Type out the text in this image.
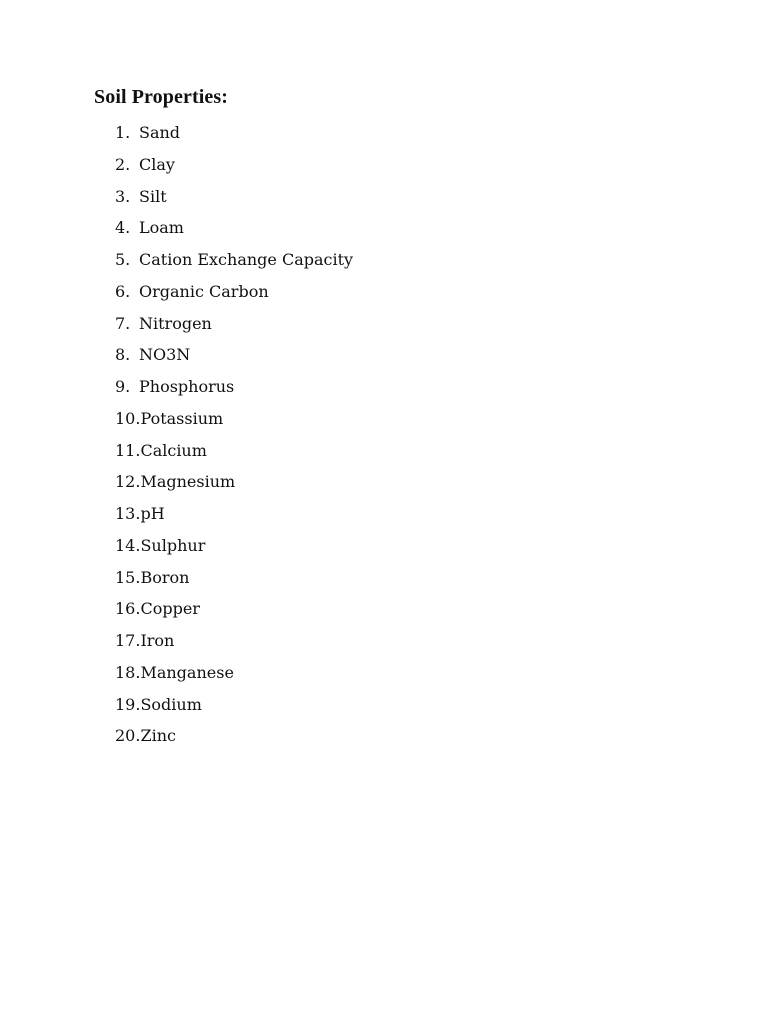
Soil Properties:
1. Sand
2. Clay
3. Silt
4. Loam
5. Cation Exchange Capacity
6. Organic Carbon
7. Nitrogen
8. NO3N
9. Phosphorus
10.Potassium
11.Calcium
12.Magnesium
13.pH
14.Sulphur
15.Boron
16.Copper
17.Iron
18.Manganese
19.Sodium
20.Zinc
